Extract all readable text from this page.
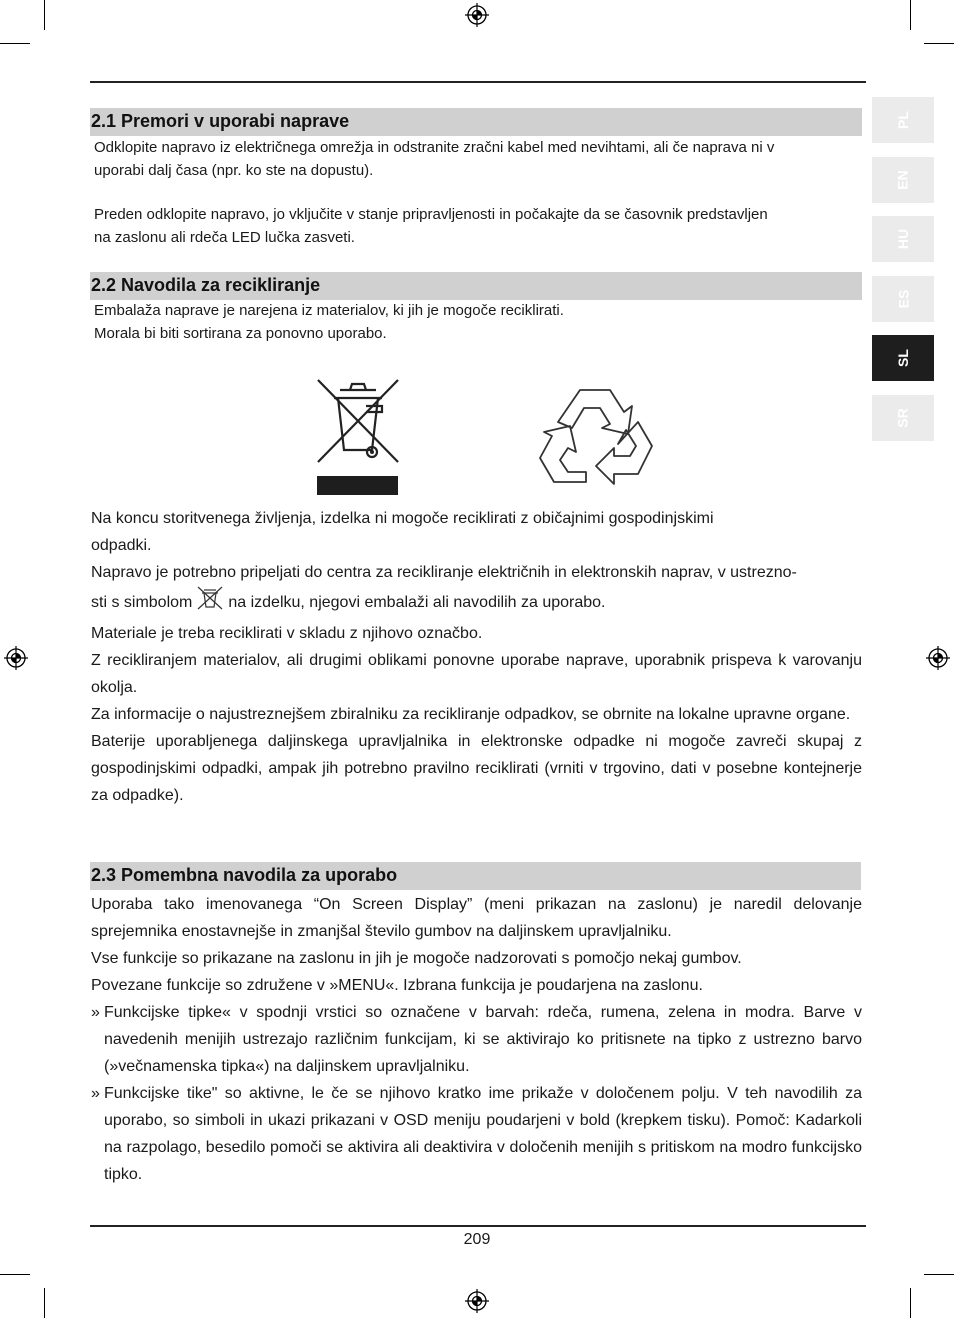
PL
EN
HU
ES
SL
SR
2.1 Premori v uporabi naprave
Odklopite napravo iz električnega omrežja in odstranite zračni kabel med nevihtami, ali če naprava ni v
uporabi dalj časa (npr. ko ste na dopustu).
Preden odklopite napravo, jo vključite v stanje pripravljenosti in počakajte da se časovnik predstavljen
na zaslonu ali rdeča LED lučka zasveti.
2.2 Navodila za recikliranje
Embalaža naprave je narejena iz materialov, ki jih je mogoče reciklirati.
Morala bi biti sortirana za ponovno uporabo.

Na koncu storitvenega življenja, izdelka ni mogoče reciklirati z običajnimi gospodinjskimi

odpadki.

Napravo je potrebno pripeljati do centra za recikliranje električnih in elektronskih naprav, v ustrezno-

sti s simbolom na izdelku, njegovi embalaži ali navodilih za uporabo.

Materiale je treba reciklirati v skladu z njihovo označbo.

Z recikliranjem materialov, ali drugimi oblikami ponovne uporabe naprave, uporabnik prispeva k varovanju okolja.

Za informacije o najustreznejšem zbiralniku za recikliranje odpadkov, se obrnite na lokalne upravne organe.

Baterije uporabljenega daljinskega upravljalnika in elektronske odpadke ni mogoče zavreči skupaj z gospodinjskimi odpadki, ampak jih potrebno pravilno reciklirati (vrniti v trgovino, dati v posebne kontejnerje za odpadke).

2.3 Pomembna navodila za uporabo

Uporaba tako imenovanega “On Screen Display” (meni prikazan na zaslonu) je naredil delovanje sprejemnika enostavnejše in zmanjšal število gumbov na daljinskem upravljalniku.

Vse funkcije so prikazane na zaslonu in jih je mogoče nadzorovati s pomočjo nekaj gumbov.

Povezane funkcije so združene v »MENU«. Izbrana funkcija je poudarjena na zaslonu.

» Funkcijske tipke« v spodnji vrstici so označene v barvah: rdeča, rumena, zelena in modra. Barve v navedenih menijih ustrezajo različnim funkcijam, ki se aktivirajo ko pritisnete na tipko z ustrezno barvo (»večnamenska tipka«) na daljinskem upravljalniku.

» Funkcijske tike" so aktivne, le če se njihovo kratko ime prikaže v določenem polju. V teh navodilih za uporabo, so simboli in ukazi prikazani v OSD meniju poudarjeni v bold (krepkem tisku). Pomoč: Kadarkoli na razpolago, besedilo pomoči se aktivira ali deaktivira v določenih menijih s pritiskom na modro funkcijsko tipko.

209
